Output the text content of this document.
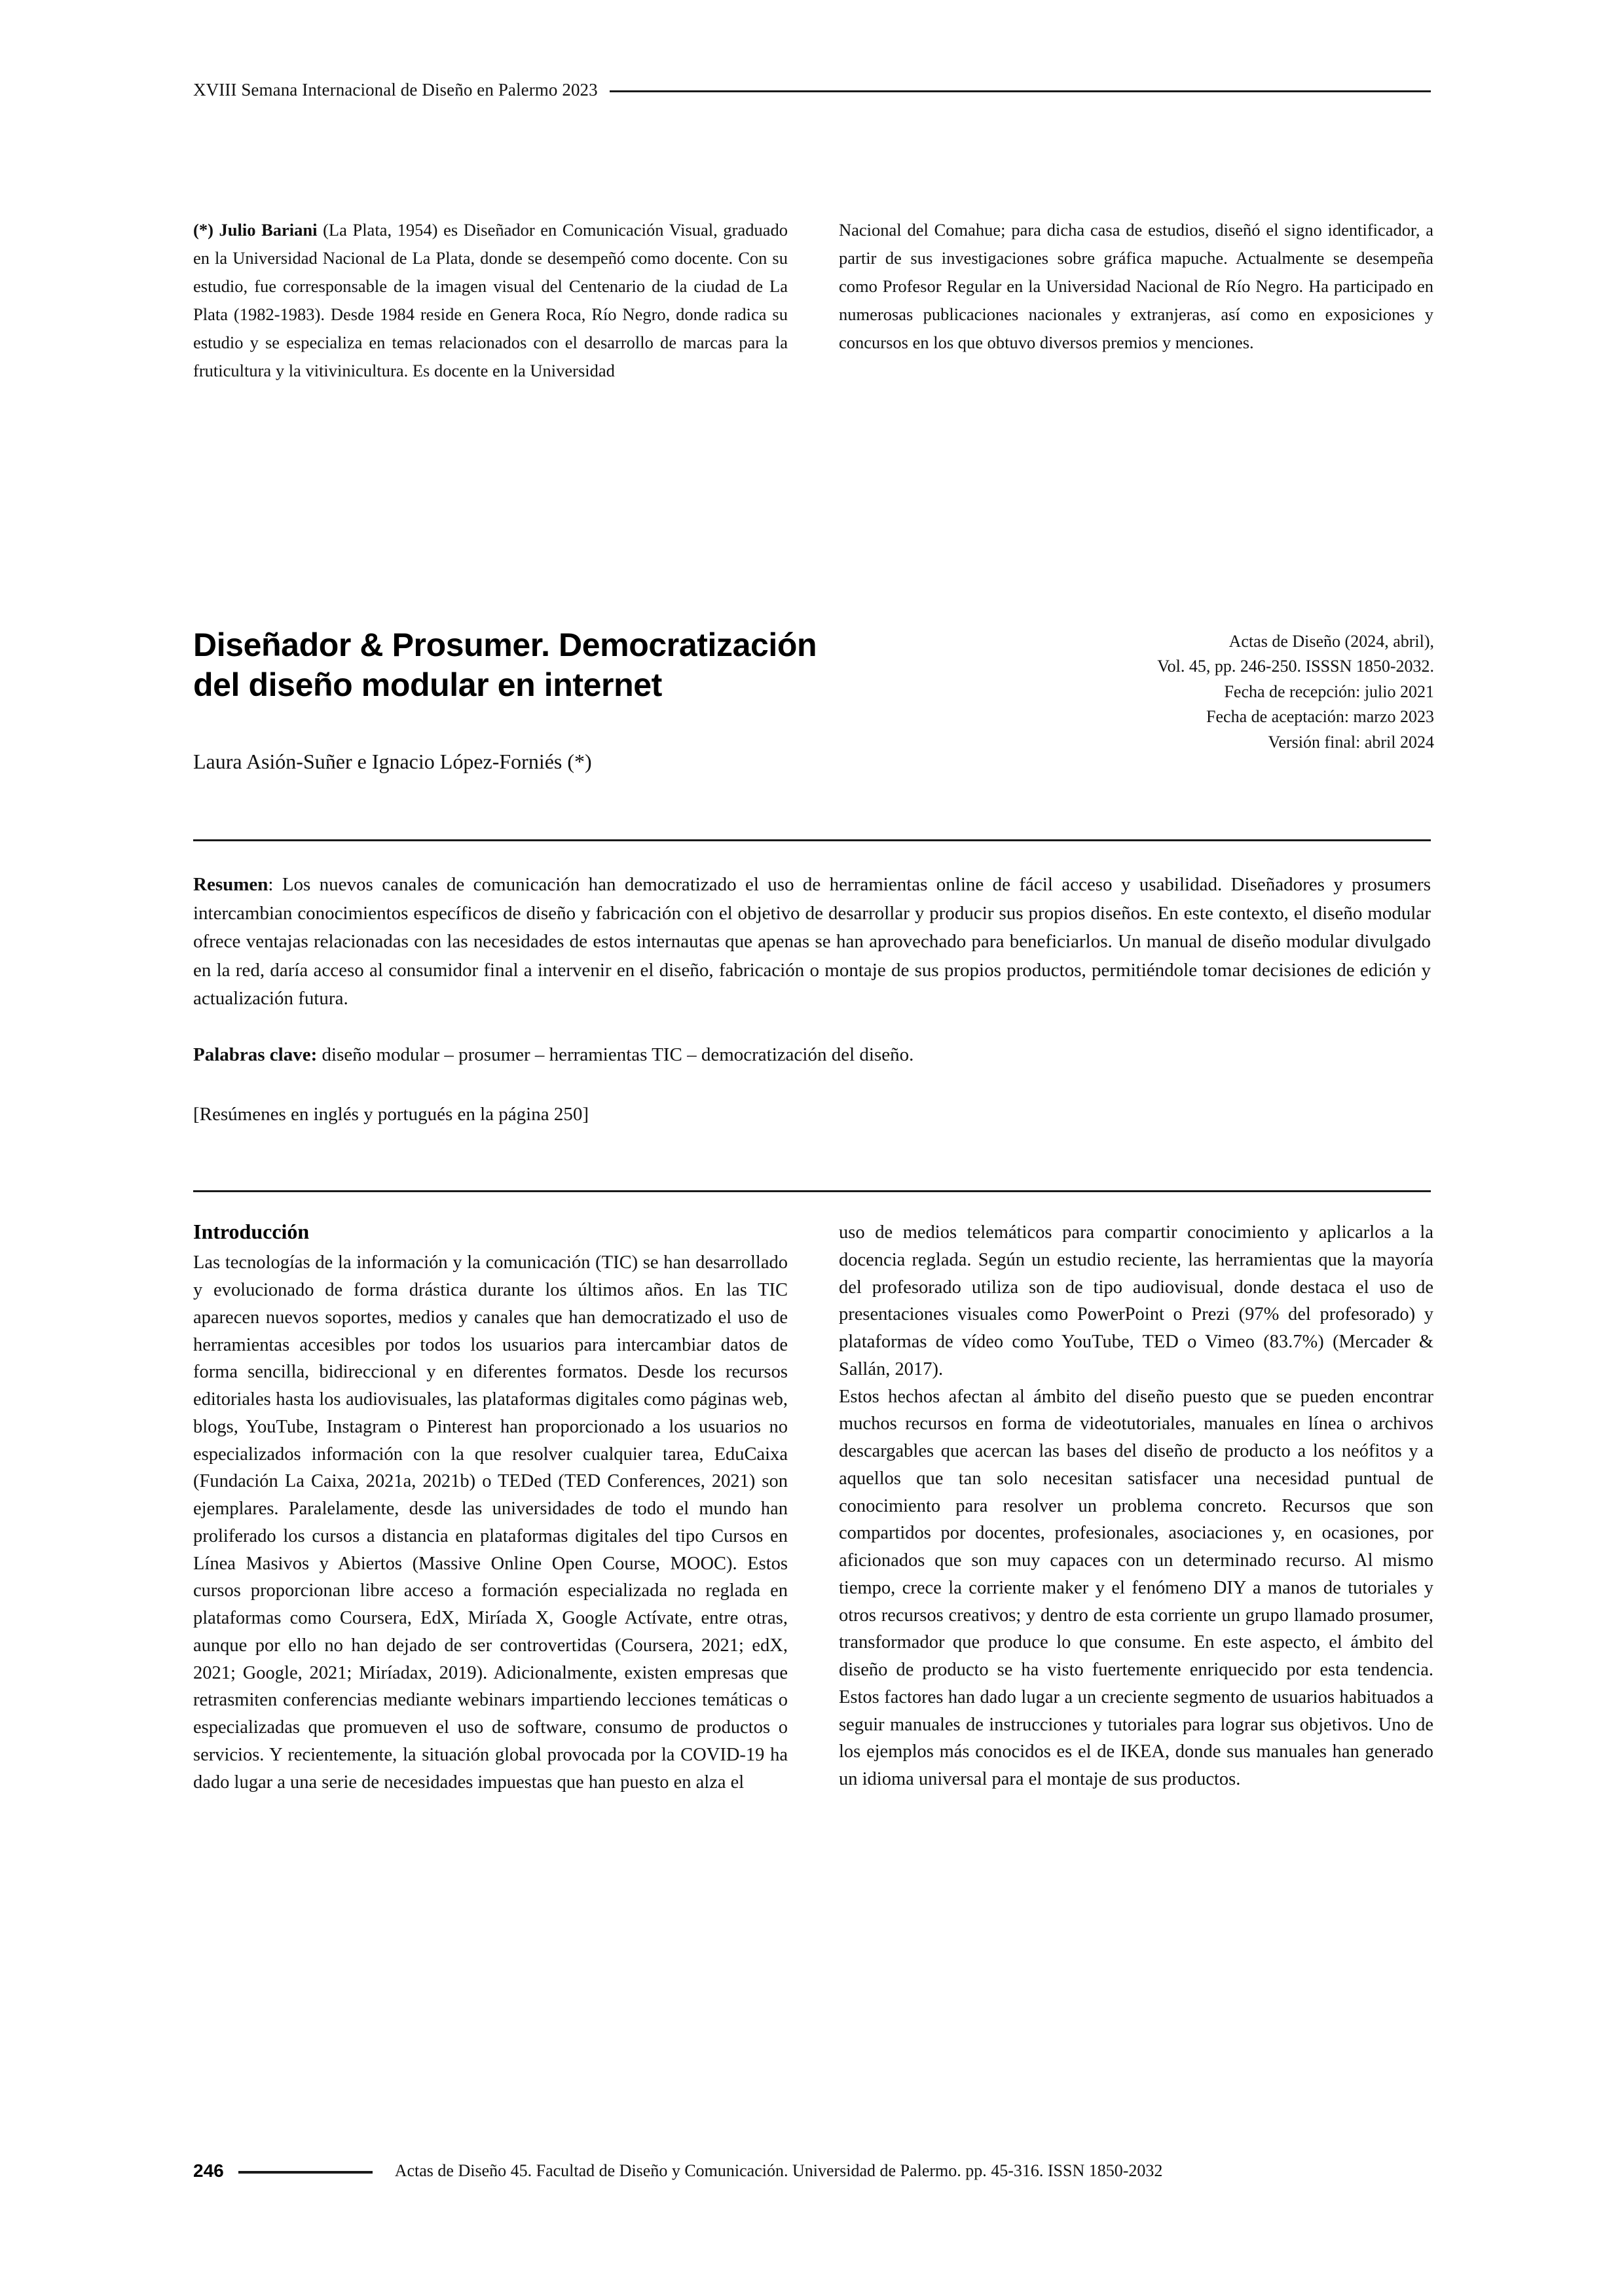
XVIII Semana Internacional de Diseño en Palermo 2023
(*) Julio Bariani (La Plata, 1954) es Diseñador en Comunicación Visual, graduado en la Universidad Nacional de La Plata, donde se desempeñó como docente. Con su estudio, fue corresponsable de la imagen visual del Centenario de la ciudad de La Plata (1982-1983). Desde 1984 reside en Genera Roca, Río Negro, donde radica su estudio y se especializa en temas relacionados con el desarrollo de marcas para la fruticultura y la vitivinicultura. Es docente en la Universidad
Nacional del Comahue; para dicha casa de estudios, diseñó el signo identificador, a partir de sus investigaciones sobre gráfica mapuche. Actualmente se desempeña como Profesor Regular en la Universidad Nacional de Río Negro. Ha participado en numerosas publicaciones nacionales y extranjeras, así como en exposiciones y concursos en los que obtuvo diversos premios y menciones.
Diseñador & Prosumer. Democratización del diseño modular en internet
Laura Asión-Suñer e Ignacio López-Forniés (*)
Actas de Diseño (2024, abril),
Vol. 45, pp. 246-250. ISSSN 1850-2032.
Fecha de recepción: julio 2021
Fecha de aceptación: marzo 2023
Versión final: abril 2024

Resumen: Los nuevos canales de comunicación han democratizado el uso de herramientas online de fácil acceso y usabilidad. Diseñadores y prosumers intercambian conocimientos específicos de diseño y fabricación con el objetivo de desarrollar y producir sus propios diseños. En este contexto, el diseño modular ofrece ventajas relacionadas con las necesidades de estos internautas que apenas se han aprovechado para beneficiarlos. Un manual de diseño modular divulgado en la red, daría acceso al consumidor final a intervenir en el diseño, fabricación o montaje de sus propios productos, permitiéndole tomar decisiones de edición y actualización futura.

Palabras clave: diseño modular – prosumer – herramientas TIC – democratización del diseño.

[Resúmenes en inglés y portugués en la página 250]

Introducción

Las tecnologías de la información y la comunicación (TIC) se han desarrollado y evolucionado de forma drástica durante los últimos años. En las TIC aparecen nuevos soportes, medios y canales que han democratizado el uso de herramientas accesibles por todos los usuarios para intercambiar datos de forma sencilla, bidireccional y en diferentes formatos. Desde los recursos editoriales hasta los audiovisuales, las plataformas digitales como páginas web, blogs, YouTube, Instagram o Pinterest han proporcionado a los usuarios no especializados información con la que resolver cualquier tarea, EduCaixa (Fundación La Caixa, 2021a, 2021b) o TEDed (TED Conferences, 2021) son ejemplares. Paralelamente, desde las universidades de todo el mundo han proliferado los cursos a distancia en plataformas digitales del tipo Cursos en Línea Masivos y Abiertos (Massive Online Open Course, MOOC). Estos cursos proporcionan libre acceso a formación especializada no reglada en plataformas como Coursera, EdX, Miríada X, Google Actívate, entre otras, aunque por ello no han dejado de ser controvertidas (Coursera, 2021; edX, 2021; Google, 2021; Miríadax, 2019). Adicionalmente, existen empresas que retrasmiten conferencias mediante webinars impartiendo lecciones temáticas o especializadas que promueven el uso de software, consumo de productos o servicios. Y recientemente, la situación global provocada por la COVID-19 ha dado lugar a una serie de necesidades impuestas que han puesto en alza el

uso de medios telemáticos para compartir conocimiento y aplicarlos a la docencia reglada. Según un estudio reciente, las herramientas que la mayoría del profesorado utiliza son de tipo audiovisual, donde destaca el uso de presentaciones visuales como PowerPoint o Prezi (97% del profesorado) y plataformas de vídeo como YouTube, TED o Vimeo (83.7%) (Mercader & Sallán, 2017).

Estos hechos afectan al ámbito del diseño puesto que se pueden encontrar muchos recursos en forma de videotutoriales, manuales en línea o archivos descargables que acercan las bases del diseño de producto a los neófitos y a aquellos que tan solo necesitan satisfacer una necesidad puntual de conocimiento para resolver un problema concreto. Recursos que son compartidos por docentes, profesionales, asociaciones y, en ocasiones, por aficionados que son muy capaces con un determinado recurso. Al mismo tiempo, crece la corriente maker y el fenómeno DIY a manos de tutoriales y otros recursos creativos; y dentro de esta corriente un grupo llamado prosumer, transformador que produce lo que consume. En este aspecto, el ámbito del diseño de producto se ha visto fuertemente enriquecido por esta tendencia. Estos factores han dado lugar a un creciente segmento de usuarios habituados a seguir manuales de instrucciones y tutoriales para lograr sus objetivos. Uno de los ejemplos más conocidos es el de IKEA, donde sus manuales han generado un idioma universal para el montaje de sus productos.

246	Actas de Diseño 45. Facultad de Diseño y Comunicación. Universidad de Palermo. pp. 45-316. ISSN 1850-2032
